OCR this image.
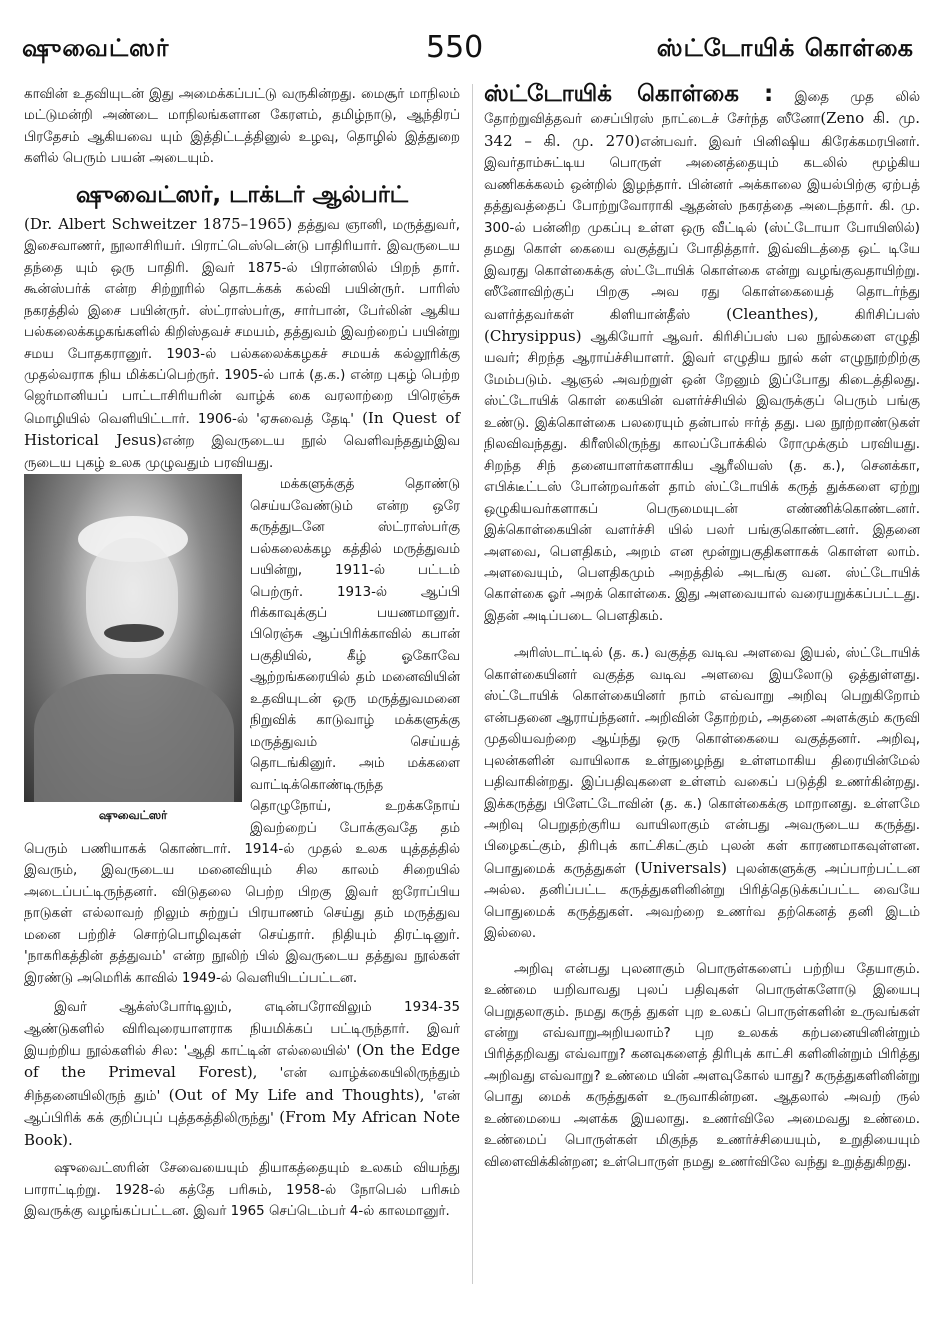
ஷுவைட்ஸர்	550	ஸ்ட்டோயிக் கொள்கை

காவின் உதவியுடன் இது அமைக்கப்பட்டு வருகின்றது. மைசூர் மாநிலம் மட்டுமன்றி அண்டை மாநிலங்களான கேரளம், தமிழ்நாடு, ஆந்திரப் பிரதேசம் ஆகியவை யும் இத்திட்டத்தினுல் உழவு, தொழில் இத்துறை களில் பெரும் பயன் அடையும்.

ஷுவைட்ஸர், டாக்டர் ஆல்பர்ட்

(Dr. Albert Schweitzer 1875–1965) தத்துவ ஞானி, மருத்துவர், இசைவாணர், நூலாசிரியர். பிராட்டெஸ்டென்டு பாதிரியார். இவருடைய தந்தை யும் ஒரு பாதிரி. இவர் 1875-ல் பிரான்ஸில் பிறந் தார். கூன்ஸ்பர்க் என்ற சிற்றூரில் தொடக்கக் கல்வி பயின்ருர். பாரிஸ் நகரத்தில் இசை பயின்ருர். ஸ்ட்ராஸ்பர்கு, சார்பான், பேர்லின் ஆகிய பல்கலைக்கழகங்களில் கிறிஸ்தவச் சமயம், தத்துவம் இவற்றைப் பயின்று சமய போதகரானுர். 1903-ல் பல்கலைக்கழகச் சமயக் கல்லூரிக்கு முதல்வராக நிய மிக்கப்பெற்ருர். 1905-ல் பாக் (த.க.) என்ற புகழ் பெற்ற ஜெர்மானியப் பாட்டாசிரியரின் வாழ்க் கை வரலாற்றை பிரெஞ்சு மொழியில் வெளியிட்டார். 1906-ல் 'ஏசுவைத் தேடி' (In Quest of Historical Jesus)என்ற இவருடைய நூல் வெளிவந்ததும்இவ ருடைய புகழ் உலக முழுவதும் பரவியது.

ஷுவைட்ஸர்

மக்களுக்குத் தொண்டு செய்யவேண்டும் என்ற ஒரே கருத்துடனே ஸ்ட்ராஸ்பர்கு பல்கலைக்கழ கத்தில் மருத்துவம் பயின்று, 1911-ல் பட்டம் பெற்ருர். 1913-ல் ஆப்பி ரிக்காவுக்குப் பயணமானுர். பிரெஞ்சு ஆப்பிரிக்காவில் கபான் பகுதியில், கீழ் ஓகோவே ஆற்றங்கரையில் தம் மனைவியின் உதவியுடன் ஒரு மருத்துவமனை நிறுவிக் காடுவாழ் மக்களுக்கு மருத்துவம் செய்யத் தொடங்கினுர். அம் மக்களை வாட்டிக்கொண்டிருந்த தொழுநோய், உறக்கநோய் இவற்றைப் போக்குவதே தம் பெரும் பணியாகக் கொண்டார். 1914-ல் முதல் உலக யுத்தத்தில் இவரும், இவருடைய மனைவியும் சில காலம் சிறையில் அடைப்பட்டிருந்தனர். விடுதலை பெற்ற பிறகு இவர் ஐரோப்பிய நாடுகள் எல்லாவற் றிலும் சுற்றுப் பிரயாணம் செய்து தம் மருத்துவ மனை பற்றிச் சொற்பொழிவுகள் செய்தார். நிதியும் திரட்டினுர். 'நாகரிகத்தின் தத்துவம்' என்ற நூலிற் பில் இவருடைய தத்துவ நூல்கள் இரண்டு அமெரிக் காவில் 1949-ல் வெளியிடப்பட்டன.

இவர் ஆக்ஸ்போர்டிலும், எடின்பரோவிலும் 1934-35 ஆண்டுகளில் விரிவுரையாளராக நியமிக்கப் பட்டிருந்தார். இவர் இயற்றிய நூல்களில் சில: 'ஆதி காட்டின் எல்லையில்' (On the Edge of the Primeval Forest), 'என் வாழ்க்கையிலிருந்தும் சிந்தனையிலிருந் தும்' (Out of My Life and Thoughts), 'என் ஆப்பிரிக் கக் குறிப்புப் புத்தகத்திலிருந்து' (From My African Note Book).

ஷுவைட்ஸரின் சேவையையும் தியாகத்தையும் உலகம் வியந்து பாராட்டிற்று. 1928-ல் கத்தே பரிசும், 1958-ல் நோபெல் பரிசும் இவருக்கு வழங்கப்பட்டன. இவர் 1965 செப்டெம்பர் 4-ல் காலமானுர்.

ஸ்ட்டோயிக் கொள்கை : இதை முத லில் தோற்றுவித்தவர் சைப்பிரஸ் நாட்டைச் சேர்ந்த ஸீனோ(Zeno கி. மு. 342 – கி. மு. 270)என்பவர். இவர் பினிஷிய கிரேக்கமரபினர். இவர்தாம்சுட்டிய பொருள் அனைத்தையும் கடலில் மூழ்கிய வணிகக்கலம் ஒன்றில் இழந்தார். பின்னர் அக்காலை இயல்பிற்கு ஏற்பத் தத்துவத்தைப் போற்றுவோராகி ஆதன்ஸ் நகரத்தை அடைந்தார். கி. மு. 300-ல் பன்னிற முகப்பு உள்ள ஒரு வீட்டில் (ஸ்ட்டோயா போயிஸில்) தமது கொள் கையை வகுத்துப் போதித்தார். இவ்விடத்தை ஒட் டியே இவரது கொள்கைக்கு ஸ்ட்டோயிக் கொள்கை என்று வழங்குவதாயிற்று. ஸீனோவிற்குப் பிறகு அவ ரது கொள்கையைத் தொடர்ந்து வளர்த்தவர்கள் கிளியான்தீஸ் (Cleanthes), கிரிசிப்பஸ் (Chrysippus) ஆகியோர் ஆவர். கிரிசிப்பஸ் பல நூல்களை எழுதி யவர்; சிறந்த ஆராய்ச்சியாளர். இவர் எழுதிய நூல் கள் எழுநூற்றிற்கு மேம்படும். ஆஞல் அவற்றுள் ஒன் றேனும் இப்போது கிடைத்திலது. ஸ்ட்டோயிக் கொள் கையின் வளர்ச்சியில் இவருக்குப் பெரும் பங்கு உண்டு. இக்கொள்கை பலரையும் தன்பால் ஈர்த் தது. பல நூற்றாண்டுகள் நிலவிவந்தது. கிரீஸிலிருந்து காலப்போக்கில் ரோமுக்கும் பரவியது. சிறந்த சிந் தனையாளர்களாகிய ஆரீலியஸ் (த. க.), செனக்கா, எபிக்டீட்டஸ் போன்றவர்கள் தாம் ஸ்ட்டோயிக் கருத் துக்களை ஏற்று ஒழுகியவர்களாகப் பெருமையுடன் எண்ணிக்கொண்டனர். இக்கொள்கையின் வளர்ச்சி யில் பலர் பங்குகொண்டனர். இதனை அளவை, பௌதிகம், அறம் என மூன்றுபகுதிகளாகக் கொள்ள லாம். அளவையும், பௌதிகமும் அறத்தில் அடங்கு வன. ஸ்ட்டோயிக் கொள்கை ஓர் அறக் கொள்கை. இது அளவையால் வரையறுக்கப்பட்டது. இதன் அடிப்படை பௌதிகம்.

அரிஸ்டாட்டில் (த. க.) வகுத்த வடிவ அளவை இயல், ஸ்ட்டோயிக் கொள்கையினர் வகுத்த வடிவ அளவை இயலோடு ஒத்துள்ளது. ஸ்ட்டோயிக் கொள்கையினர் நாம் எவ்வாறு அறிவு பெறுகிறோம் என்பதனை ஆராய்ந்தனர். அறிவின் தோற்றம், அதனை அளக்கும் கருவி முதலியவற்றை ஆய்ந்து ஒரு கொள்கையை வகுத்தனர். அறிவு, புலன்களின் வாயிலாக உள்நுழைந்து உள்ளமாகிய திரையின்மேல் பதிவாகின்றது. இப்பதிவுகளை உள்ளம் வகைப் படுத்தி உணர்கின்றது. இக்கருத்து பிளேட்டோவின் (த. க.) கொள்கைக்கு மாறானது. உள்ளமே அறிவு பெறுதற்குரிய வாயிலாகும் என்பது அவருடைய கருத்து. பிழைகட்கும், திரிபுக் காட்சிகட்கும் புலன் கள் காரணமாகவுள்ளன. பொதுமைக் கருத்துகள் (Universals) புலன்களுக்கு அப்பாற்பட்டன அல்ல. தனிப்பட்ட கருத்துகளினின்று பிரித்தெடுக்கப்பட்ட வையே பொதுமைக் கருத்துகள். அவற்றை உணர்வ தற்கெனத் தனி இடம் இல்லை.

அறிவு என்பது புலனாகும் பொருள்களைப் பற்றிய தேயாகும். உண்மை யறிவாவது புலப் பதிவுகள் பொருள்களோடு இயைபு பெறுதலாகும். நமது கருத் துகள் புற உலகப் பொருள்களின் உருவங்கள் என்று எவ்வாறுஅறியலாம்? புற உலகக் கற்பனையினின்றும் பிரித்தறிவது எவ்வாறு? கனவுகளைத் திரிபுக் காட்சி களினின்றும் பிரித்து அறிவது எவ்வாறு? உண்மை யின் அளவுகோல் யாது? கருத்துகளினின்று பொது மைக் கருத்துகள் உருவாகின்றன. ஆதலால் அவற் ருல் உண்மையை அளக்க இயலாது. உணர்விலே அமைவது உண்மை. உண்மைப் பொருள்கள் மிகுந்த உணர்ச்சியையும், உறுதியையும் விளைவிக்கின்றன; உள்பொருள் நமது உணர்விலே வந்து உறுத்துகிறது.
